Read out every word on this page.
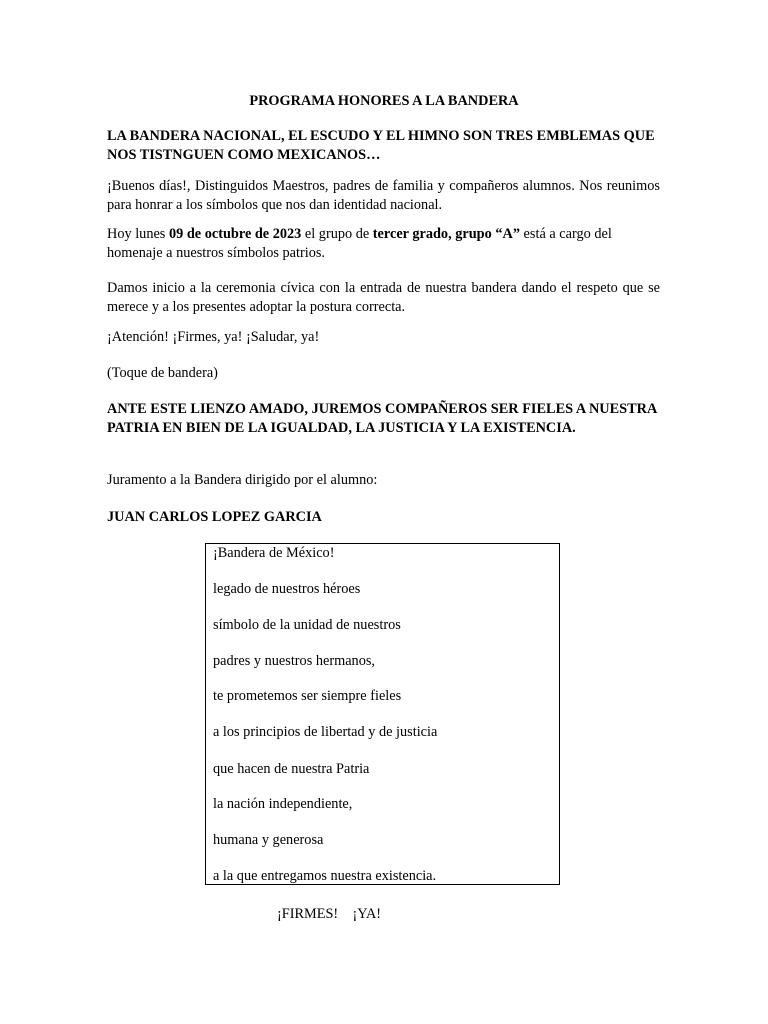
PROGRAMA HONORES A LA BANDERA

LA BANDERA NACIONAL, EL ESCUDO Y EL HIMNO SON TRES EMBLEMAS QUE NOS TISTNGUEN COMO MEXICANOS…

¡Buenos días!, Distinguidos Maestros, padres de familia y compañeros alumnos. Nos reunimos para honrar a los símbolos que nos dan identidad nacional.

Hoy lunes 09 de octubre de 2023 el grupo de tercer grado, grupo “A” está a cargo del homenaje a nuestros símbolos patrios.

Damos inicio a la ceremonia cívica con la entrada de nuestra bandera dando el respeto que se merece y a los presentes adoptar la postura correcta.

¡Atención! ¡Firmes, ya! ¡Saludar, ya!

(Toque de bandera)

ANTE ESTE LIENZO AMADO, JUREMOS COMPAÑEROS SER FIELES A NUESTRA PATRIA EN BIEN DE LA IGUALDAD, LA JUSTICIA Y LA EXISTENCIA.

Juramento a la Bandera dirigido por el alumno:

JUAN CARLOS LOPEZ GARCIA

¡Bandera de México!
legado de nuestros héroes
símbolo de la unidad de nuestros
padres y nuestros hermanos,
te prometemos ser siempre fieles
a los principios de libertad y de justicia
que hacen de nuestra Patria
la nación independiente,
humana y generosa
a la que entregamos nuestra existencia.

¡FIRMES!    ¡YA!
